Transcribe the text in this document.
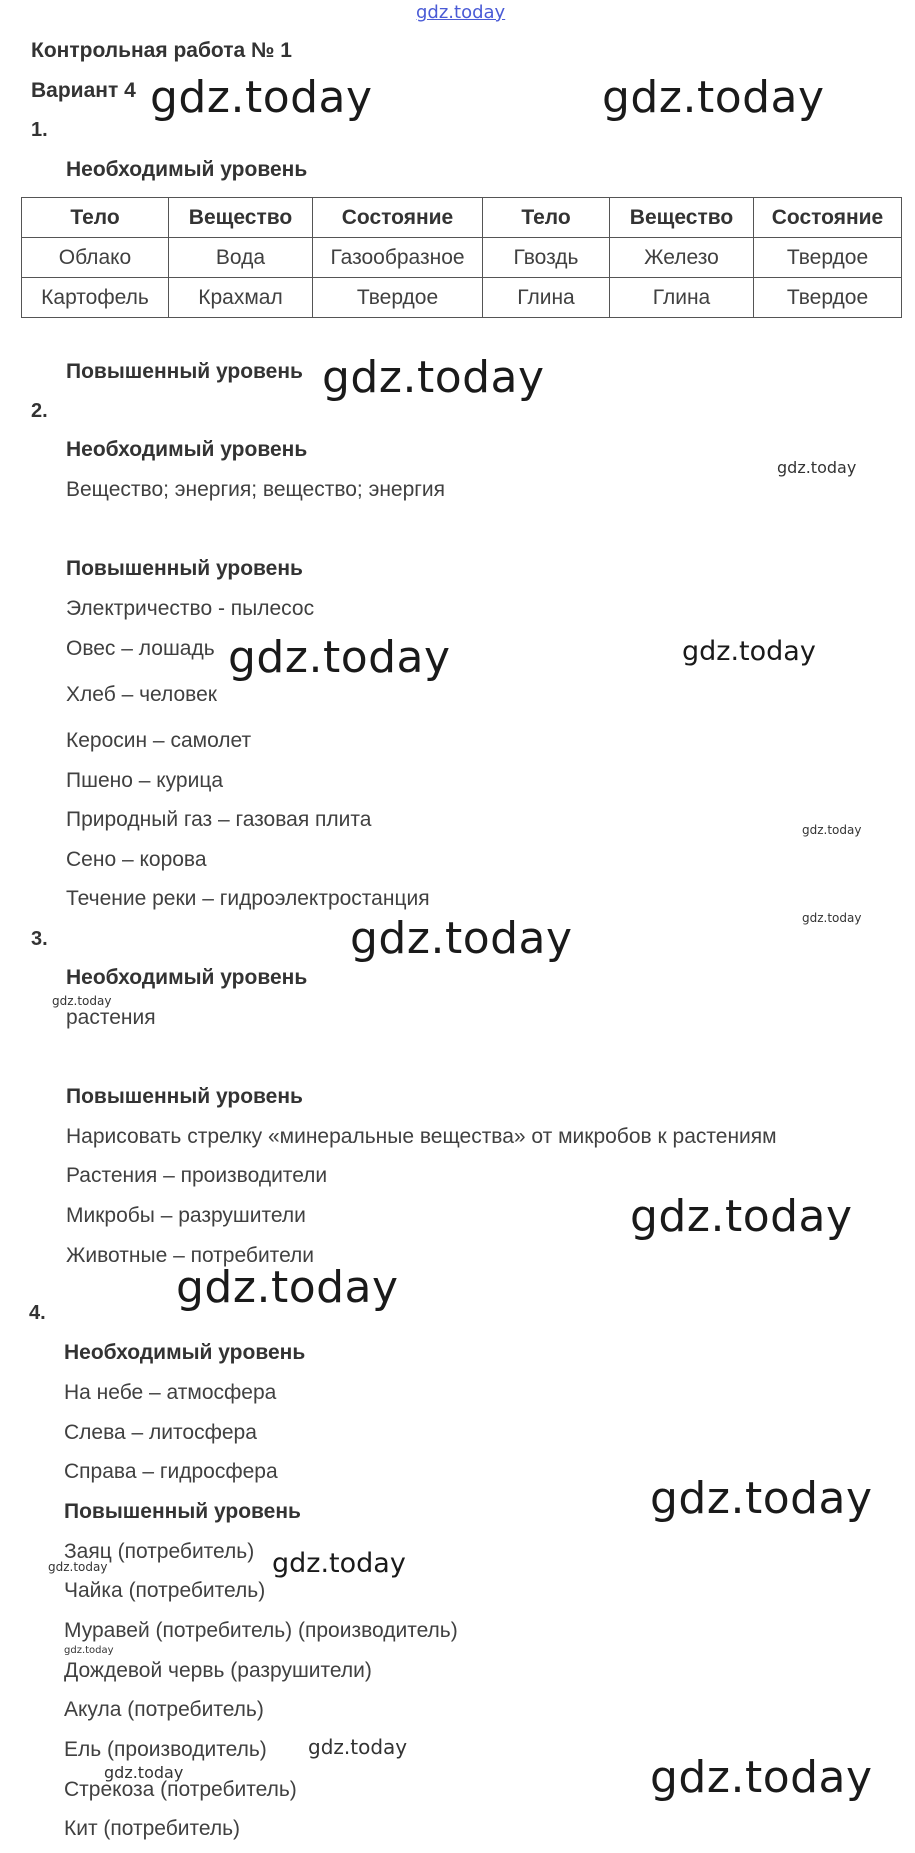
Контрольная работа № 1
Вариант 4
1.
Необходимый уровень
Тело	Вещество	Состояние	Тело	Вещество	Состояние
Облако	Вода	Газообразное	Гвоздь	Железо	Твердое
Картофель	Крахмал	Твердое	Глина	Глина	Твердое
Повышенный уровень
2.
Необходимый уровень
Вещество; энергия; вещество; энергия
Повышенный уровень
Электричество - пылесос
Овес – лошадь
Хлеб – человек
Керосин – самолет
Пшено – курица
Природный газ – газовая плита
Сено – корова
Течение реки – гидроэлектростанция
3.
Необходимый уровень
растения
Повышенный уровень
Нарисовать стрелку «минеральные вещества» от микробов к растениям
Растения – производители
Микробы – разрушители
Животные – потребители
4.
Необходимый уровень
На небе – атмосфера
Слева – литосфера
Справа – гидросфера
Повышенный уровень
Заяц (потребитель)
Чайка (потребитель)
Муравей (потребитель) (производитель)
Дождевой червь (разрушители)
Акула (потребитель)
Ель (производитель)
Стрекоза (потребитель)
Кит (потребитель)
gdz.today
gdz.today	gdz.today
gdz.today
gdz.today
gdz.today	gdz.today
gdz.today
gdz.today
gdz.today
gdz.today
gdz.today
gdz.today
gdz.today
gdz.today
gdz.today
gdz.today
gdz.today
gdz.today	gdz.today
